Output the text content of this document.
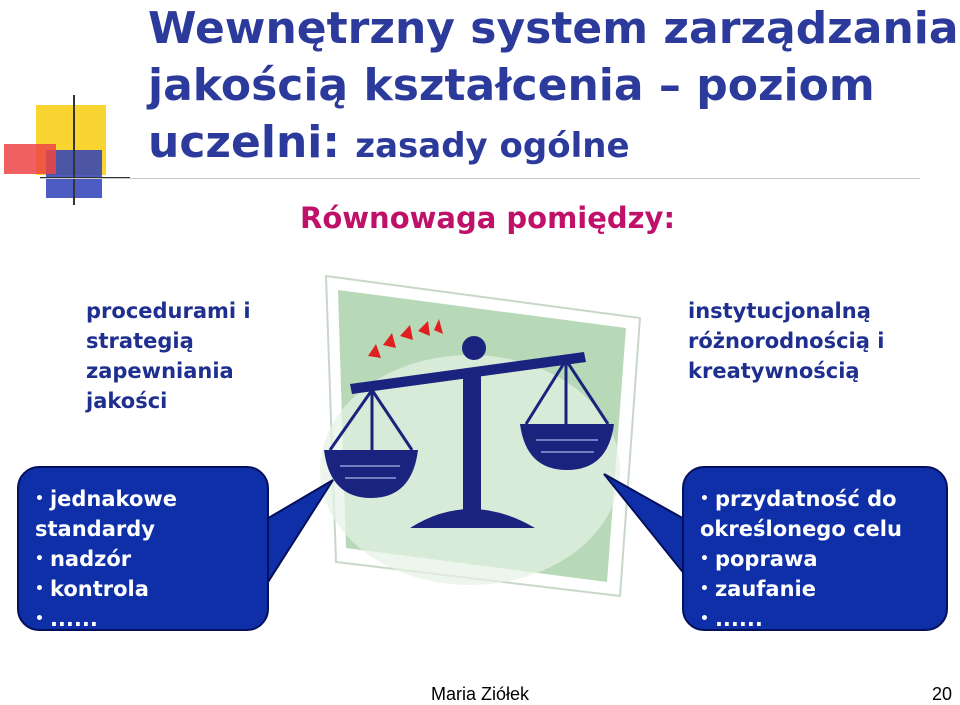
Wewnętrzny system zarządzania
jakością kształcenia – poziom
uczelni: zasady ogólne
Równowaga pomiędzy:
procedurami i
strategią
zapewniania
jakości
instytucjonalną
różnorodnością i
kreatywnością
• jednakowe standardy
• nadzór
• kontrola
• ......
• przydatność do określonego celu
• poprawa
• zaufanie
• ......
Maria Ziółek	20
